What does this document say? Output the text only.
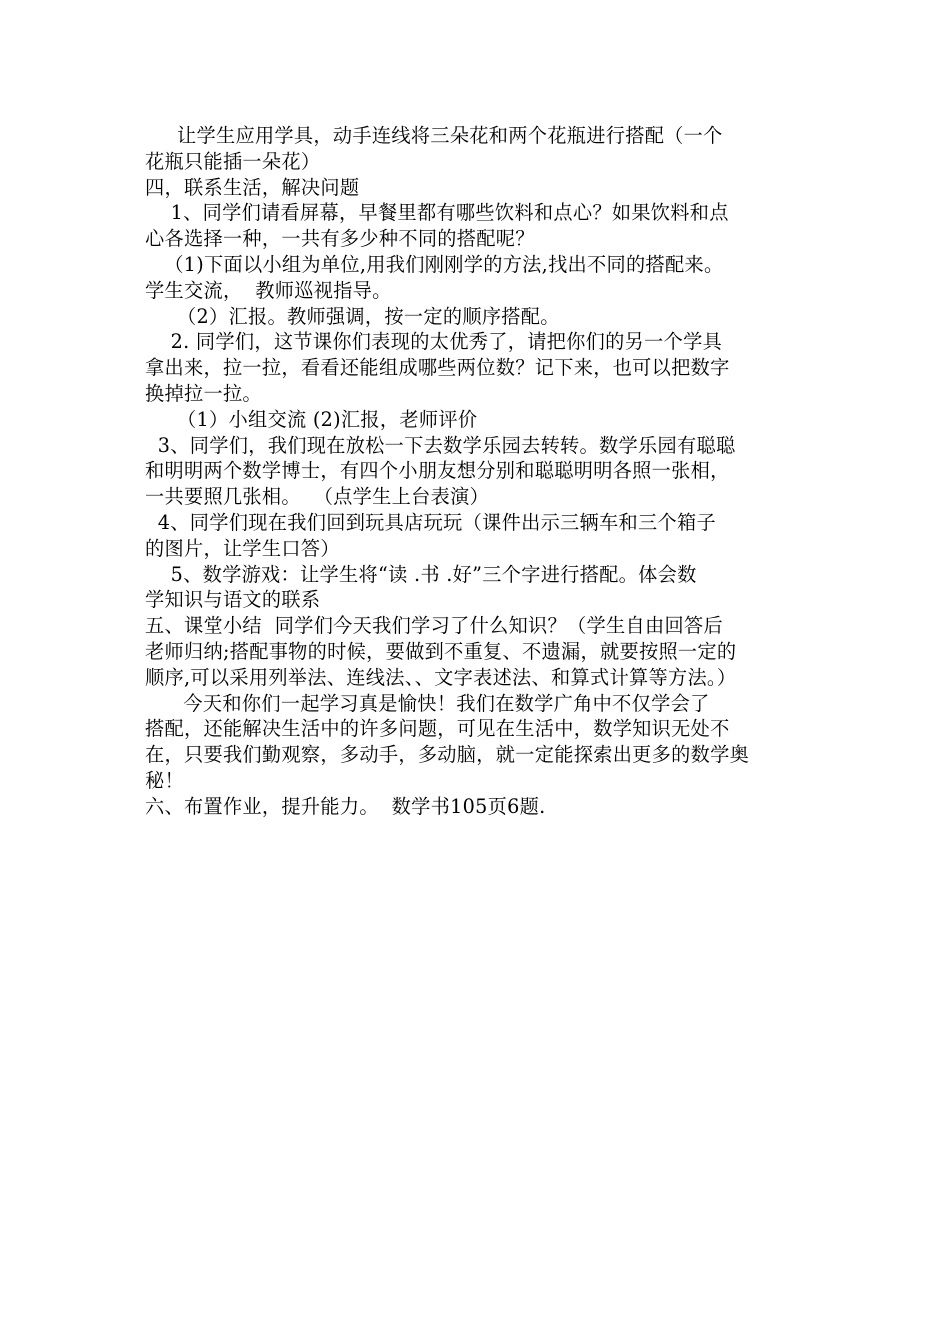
让学生应用学具，动手连线将三朵花和两个花瓶进行搭配（一个
花瓶只能插一朵花）
四，联系生活，解决问题
1、同学们请看屏幕，早餐里都有哪些饮料和点心？如果饮料和点
心各选择一种，一共有多少种不同的搭配呢？
（1)下面以小组为单位,用我们刚刚学的方法,找出不同的搭配来。
学生交流，  教师巡视指导。
（2）汇报。教师强调，按一定的顺序搭配。
2. 同学们，这节课你们表现的太优秀了，请把你们的另一个学具
拿出来，拉一拉，看看还能组成哪些两位数？记下来，也可以把数字
换掉拉一拉。
（1）小组交流 (2)汇报，老师评价
3、同学们，我们现在放松一下去数学乐园去转转。数学乐园有聪聪
和明明两个数学博士，有四个小朋友想分别和聪聪明明各照一张相，
一共要照几张相。  （点学生上台表演）
4、同学们现在我们回到玩具店玩玩（课件出示三辆车和三个箱子
的图片，让学生口答）
5、数学游戏：让学生将“读 .书 .好”三个字进行搭配。体会数
学知识与语文的联系
五、课堂小结  同学们今天我们学习了什么知识？（学生自由回答后
老师归纳;搭配事物的时候，要做到不重复、不遗漏，就要按照一定的
顺序,可以采用列举法、连线法、、文字表述法、和算式计算等方法。）
今天和你们一起学习真是愉快！我们在数学广角中不仅学会了
搭配，还能解决生活中的许多问题，可见在生活中，数学知识无处不
在，只要我们勤观察，多动手，多动脑，就一定能探索出更多的数学奥
秘！
六、布置作业，提升能力。  数学书105页6题.
